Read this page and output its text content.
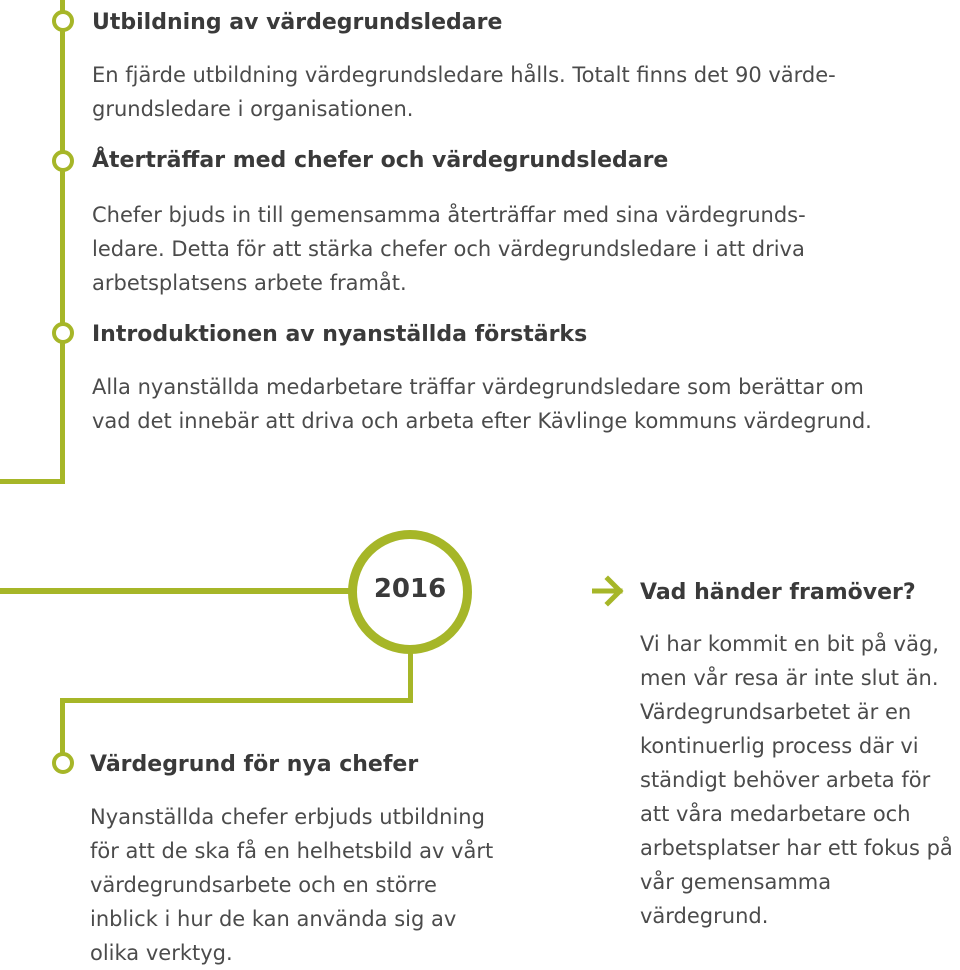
Utbildning av värdegrundsledare
En fjärde utbildning värdegrundsledare hålls. Totalt finns det 90 värde-
grundsledare i organisationen.
Återträffar med chefer och värdegrundsledare
Chefer bjuds in till gemensamma återträffar med sina värdegrunds-
ledare. Detta för att stärka chefer och värdegrundsledare i att driva
arbetsplatsens arbete framåt.
Introduktionen av nyanställda förstärks
Alla nyanställda medarbetare träffar värdegrundsledare som berättar om
vad det innebär att driva och arbeta efter Kävlinge kommuns värdegrund.
2016	Vad händer framöver?
Vi har kommit en bit på väg,
men vår resa är inte slut än.
Värdegrundsarbetet är en
kontinuerlig process där vi
ständigt behöver arbeta för
att våra medarbetare och
arbetsplatser har ett fokus på
vår gemensamma värdegrund.
Värdegrund för nya chefer
Nyanställda chefer erbjuds utbildning
för att de ska få en helhetsbild av vårt
värdegrundsarbete och en större
inblick i hur de kan använda sig av
olika verktyg.
